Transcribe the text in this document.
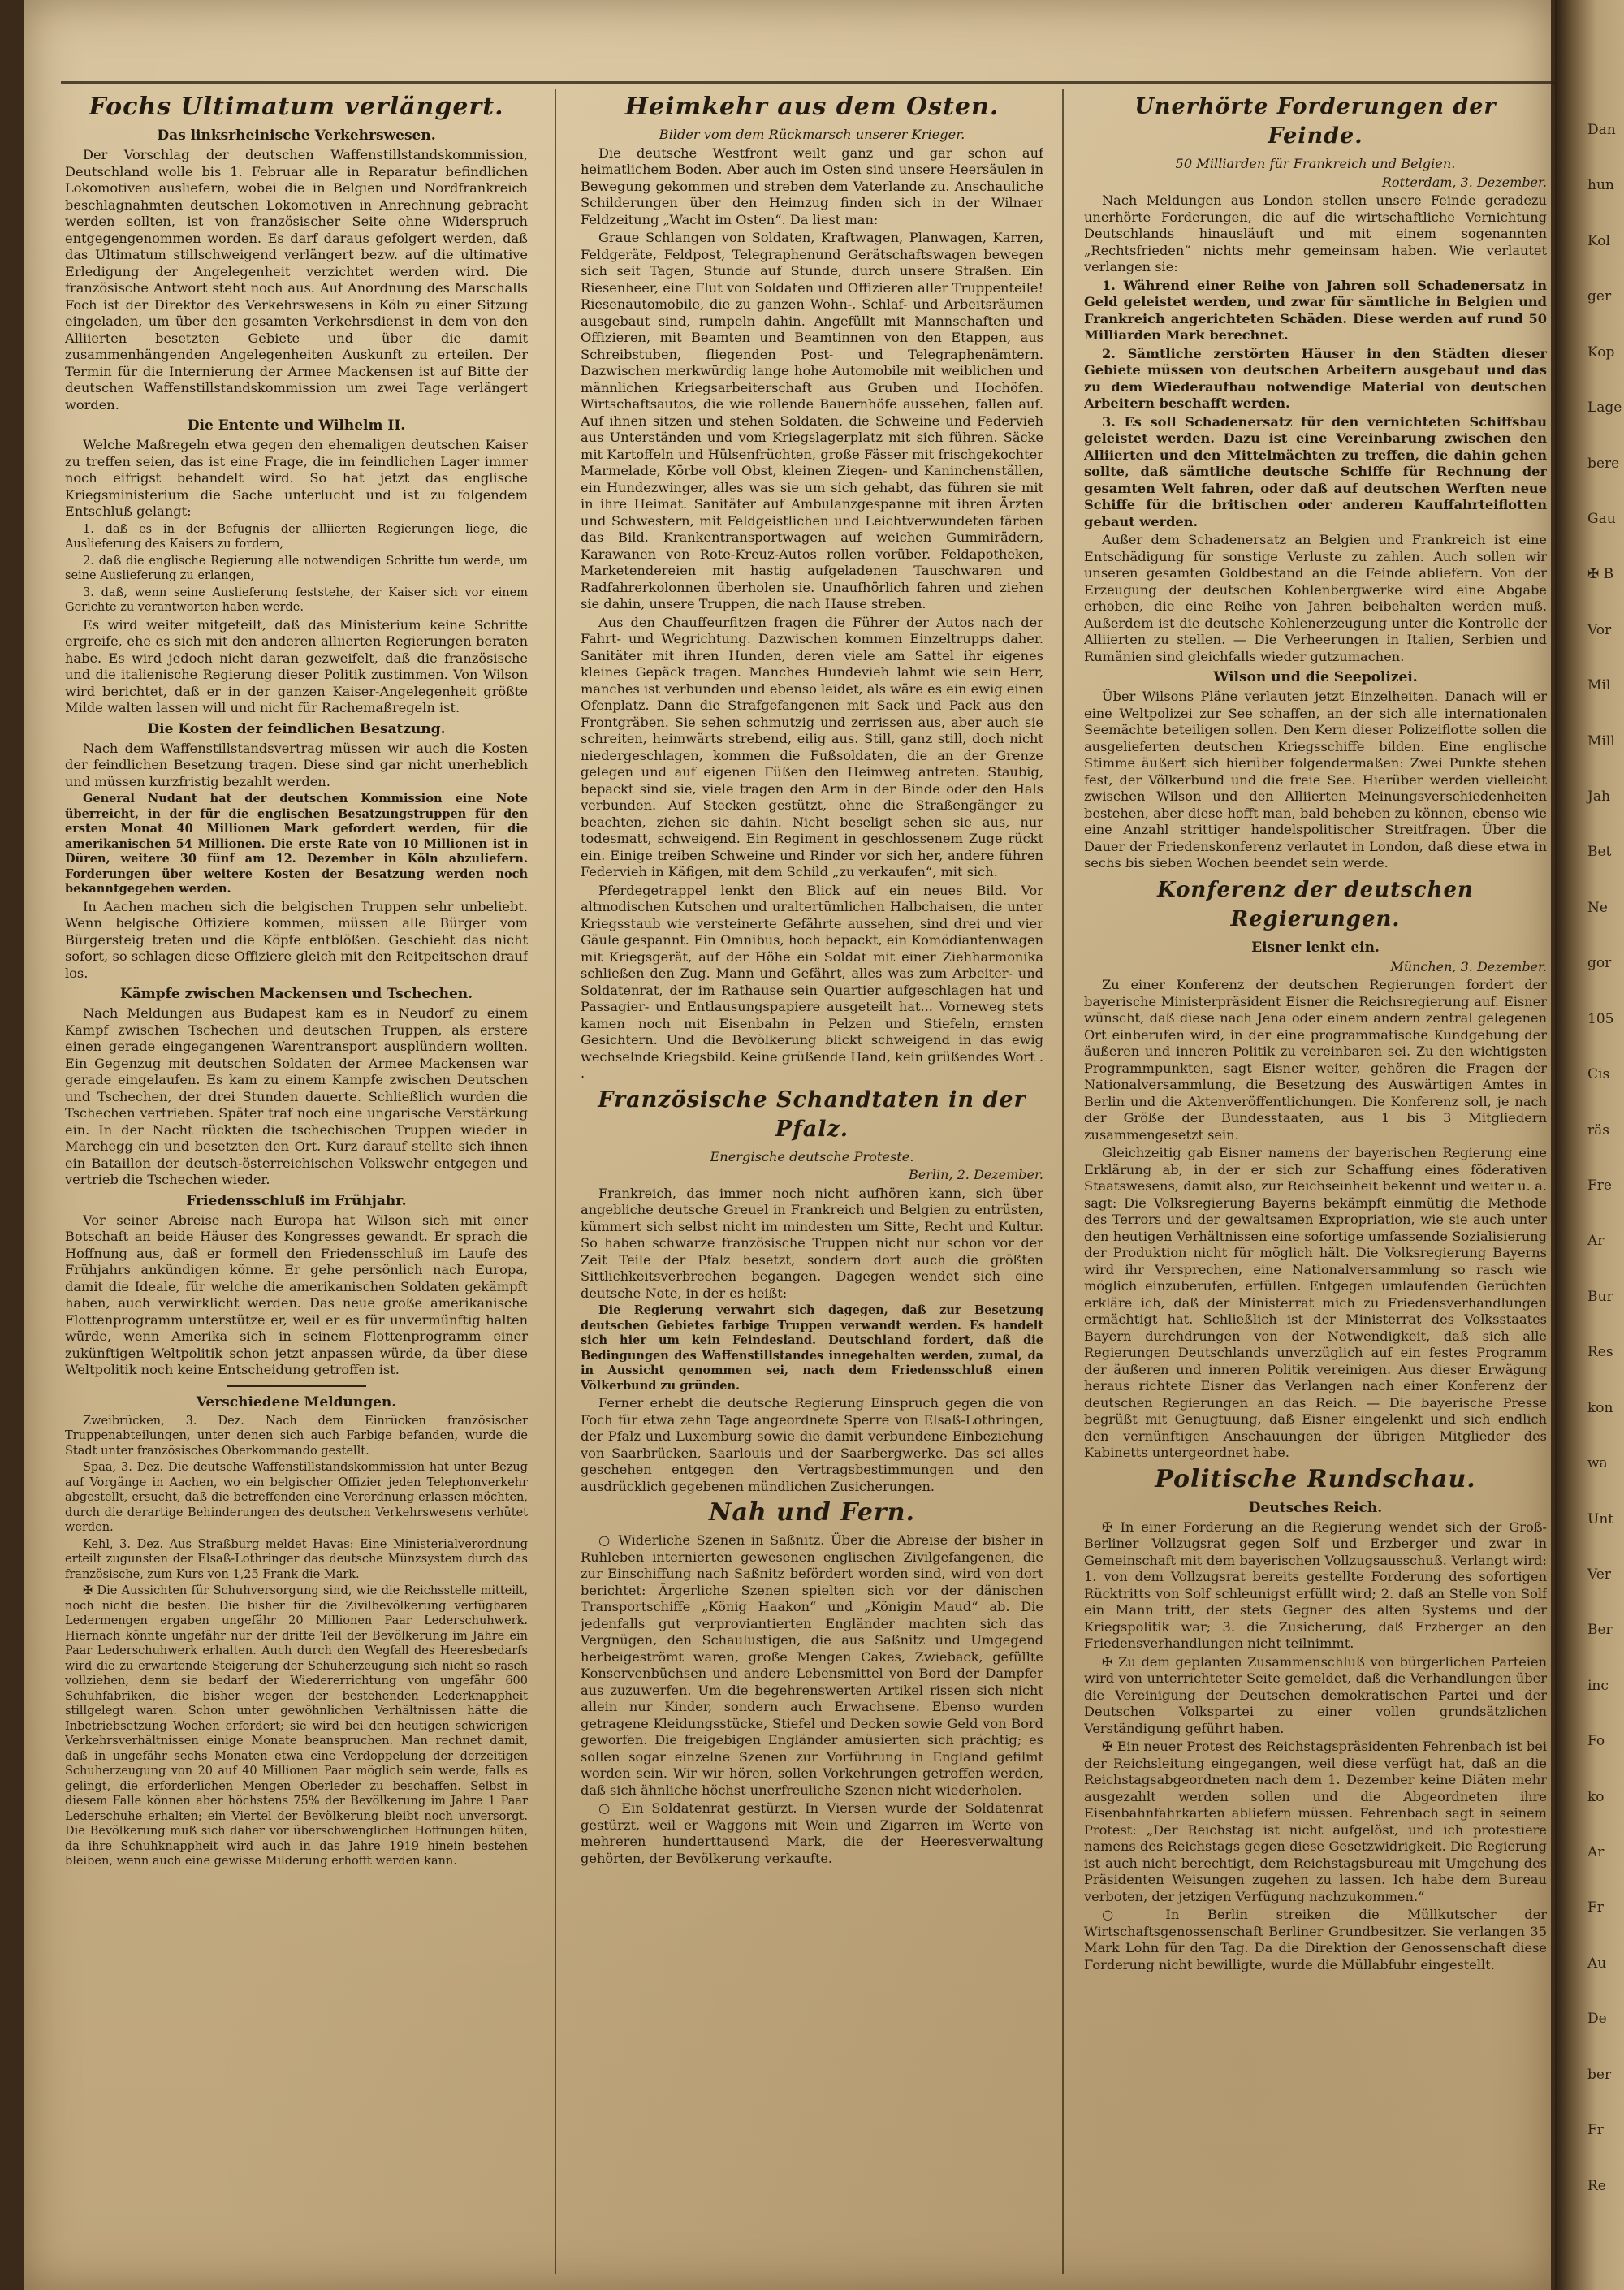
Fochs Ultimatum verlängert.
Das linksrheinische Verkehrswesen.

Der Vorschlag der deutschen Waffenstillstandskommission, Deutschland wolle bis 1. Februar alle in Reparatur befindlichen Lokomotiven ausliefern, wobei die in Belgien und Nordfrankreich beschlagnahmten deutschen Lokomotiven in Anrechnung gebracht werden sollten, ist von französischer Seite ohne Widerspruch entgegengenommen worden. Es darf daraus gefolgert werden, daß das Ultimatum stillschweigend verlängert bezw. auf die ultimative Erledigung der Angelegenheit verzichtet werden wird. Die französische Antwort steht noch aus. Auf Anordnung des Marschalls Foch ist der Direktor des Verkehrswesens in Köln zu einer Sitzung eingeladen, um über den gesamten Verkehrsdienst in dem von den Alliierten besetzten Gebiete und über die damit zusammenhängenden Angelegenheiten Auskunft zu erteilen. Der Termin für die Internierung der Armee Mackensen ist auf Bitte der deutschen Waffenstillstandskommission um zwei Tage verlängert worden.

Die Entente und Wilhelm II.

Welche Maßregeln etwa gegen den ehemaligen deutschen Kaiser zu treffen seien, das ist eine Frage, die im feindlichen Lager immer noch eifrigst behandelt wird. So hat jetzt das englische Kriegsministerium die Sache unterlucht und ist zu folgendem Entschluß gelangt:

1. daß es in der Befugnis der alliierten Regierungen liege, die Auslieferung des Kaisers zu fordern,

2. daß die englische Regierung alle notwendigen Schritte tun werde, um seine Auslieferung zu erlangen,

3. daß, wenn seine Auslieferung feststehe, der Kaiser sich vor einem Gerichte zu verantworten haben werde.

Es wird weiter mitgeteilt, daß das Ministerium keine Schritte ergreife, ehe es sich mit den anderen alliierten Regierungen beraten habe. Es wird jedoch nicht daran gezweifelt, daß die französische und die italienische Regierung dieser Politik zustimmen. Von Wilson wird berichtet, daß er in der ganzen Kaiser-Angelegenheit größte Milde walten lassen will und nicht für Rachemaßregeln ist.

Die Kosten der feindlichen Besatzung.

Nach dem Waffenstillstandsvertrag müssen wir auch die Kosten der feindlichen Besetzung tragen. Diese sind gar nicht unerheblich und müssen kurzfristig bezahlt werden.

General Nudant hat der deutschen Kommission eine Note überreicht, in der für die englischen Besatzungstruppen für den ersten Monat 40 Millionen Mark gefordert werden, für die amerikanischen 54 Millionen. Die erste Rate von 10 Millionen ist in Düren, weitere 30 fünf am 12. Dezember in Köln abzuliefern. Forderungen über weitere Kosten der Besatzung werden noch bekanntgegeben werden.

In Aachen machen sich die belgischen Truppen sehr unbeliebt. Wenn belgische Offiziere kommen, müssen alle Bürger vom Bürgersteig treten und die Köpfe entblößen. Geschieht das nicht sofort, so schlagen diese Offiziere gleich mit den Reitpeitschen drauf los.

Kämpfe zwischen Mackensen und Tschechen.

Nach Meldungen aus Budapest kam es in Neudorf zu einem Kampf zwischen Tschechen und deutschen Truppen, als erstere einen gerade eingegangenen Warentransport ausplündern wollten. Ein Gegenzug mit deutschen Soldaten der Armee Mackensen war gerade eingelaufen. Es kam zu einem Kampfe zwischen Deutschen und Tschechen, der drei Stunden dauerte. Schließlich wurden die Tschechen vertrieben. Später traf noch eine ungarische Verstärkung ein. In der Nacht rückten die tschechischen Truppen wieder in Marchegg ein und besetzten den Ort. Kurz darauf stellte sich ihnen ein Bataillon der deutsch-österreichischen Volkswehr entgegen und vertrieb die Tschechen wieder.

Friedensschluß im Frühjahr.

Vor seiner Abreise nach Europa hat Wilson sich mit einer Botschaft an beide Häuser des Kongresses gewandt. Er sprach die Hoffnung aus, daß er formell den Friedensschluß im Laufe des Frühjahrs ankündigen könne. Er gehe persönlich nach Europa, damit die Ideale, für welche die amerikanischen Soldaten gekämpft haben, auch verwirklicht werden. Das neue große amerikanische Flottenprogramm unterstütze er, weil er es für unvermünftig halten würde, wenn Amerika sich in seinem Flottenprogramm einer zukünftigen Weltpolitik schon jetzt anpassen würde, da über diese Weltpolitik noch keine Entscheidung getroffen ist.

Verschiedene Meldungen.

Zweibrücken, 3. Dez. Nach dem Einrücken französischer Truppenabteilungen, unter denen sich auch Farbige befanden, wurde die Stadt unter französisches Oberkommando gestellt.

Spaa, 3. Dez. Die deutsche Waffenstillstandskommission hat unter Bezug auf Vorgänge in Aachen, wo ein belgischer Offizier jeden Telephonverkehr abgestellt, ersucht, daß die betreffenden eine Verordnung erlassen möchten, durch die derartige Behinderungen des deutschen Verkehrswesens verhütet werden.

Kehl, 3. Dez. Aus Straßburg meldet Havas: Eine Ministerialverordnung erteilt zugunsten der Elsaß-Lothringer das deutsche Münzsystem durch das französische, zum Kurs von 1,25 Frank die Mark.

✠ Die Aussichten für Schuhversorgung sind, wie die Reichsstelle mitteilt, noch nicht die besten. Die bisher für die Zivilbevölkerung verfügbaren Ledermengen ergaben ungefähr 20 Millionen Paar Lederschuhwerk. Hiernach könnte ungefähr nur der dritte Teil der Bevölkerung im Jahre ein Paar Lederschuhwerk erhalten. Auch durch den Wegfall des Heeresbedarfs wird die zu erwartende Steigerung der Schuherzeugung sich nicht so rasch vollziehen, denn sie bedarf der Wiedererrichtung von ungefähr 600 Schuhfabriken, die bisher wegen der bestehenden Lederknappheit stillgelegt waren. Schon unter gewöhnlichen Verhältnissen hätte die Inbetriebsetzung Wochen erfordert; sie wird bei den heutigen schwierigen Verkehrsverhältnissen einige Monate beanspruchen. Man rechnet damit, daß in ungefähr sechs Monaten etwa eine Verdoppelung der derzeitigen Schuherzeugung von 20 auf 40 Millionen Paar möglich sein werde, falls es gelingt, die erforderlichen Mengen Oberleder zu beschaffen. Selbst in diesem Falle können aber höchstens 75% der Bevölkerung im Jahre 1 Paar Lederschuhe erhalten; ein Viertel der Bevölkerung bleibt noch unversorgt. Die Bevölkerung muß sich daher vor überschwenglichen Hoffnungen hüten, da ihre Schuhknappheit wird auch in das Jahre 1919 hinein bestehen bleiben, wenn auch eine gewisse Milderung erhofft werden kann.

Heimkehr aus dem Osten.
Bilder vom dem Rückmarsch unserer Krieger.

Die deutsche Westfront weilt ganz und gar schon auf heimatlichem Boden. Aber auch im Osten sind unsere Heersäulen in Bewegung gekommen und streben dem Vaterlande zu. Anschauliche Schilderungen über den Heimzug finden sich in der Wilnaer Feldzeitung „Wacht im Osten“. Da liest man:

Graue Schlangen von Soldaten, Kraftwagen, Planwagen, Karren, Feldgeräte, Feldpost, Telegraphenund Gerätschaftswagen bewegen sich seit Tagen, Stunde auf Stunde, durch unsere Straßen. Ein Riesenheer, eine Flut von Soldaten und Offizieren aller Truppenteile! Riesenautomobile, die zu ganzen Wohn-, Schlaf- und Arbeitsräumen ausgebaut sind, rumpeln dahin. Angefüllt mit Mannschaften und Offizieren, mit Beamten und Beamtinnen von den Etappen, aus Schreibstuben, fliegenden Post- und Telegraphenämtern. Dazwischen merkwürdig lange hohe Automobile mit weiblichen und männlichen Kriegsarbeiterschaft aus Gruben und Hochöfen. Wirtschaftsautos, die wie rollende Bauernhöfe aussehen, fallen auf. Auf ihnen sitzen und stehen Soldaten, die Schweine und Federvieh aus Unterständen und vom Kriegslagerplatz mit sich führen. Säcke mit Kartoffeln und Hülsenfrüchten, große Fässer mit frischgekochter Marmelade, Körbe voll Obst, kleinen Ziegen- und Kaninchenställen, ein Hundezwinger, alles was sie um sich gehabt, das führen sie mit in ihre Heimat. Sanitäter auf Ambulanzgespanne mit ihren Ärzten und Schwestern, mit Feldgeistlichen und Leichtverwundeten färben das Bild. Krankentransportwagen auf weichen Gummirädern, Karawanen von Rote-Kreuz-Autos rollen vorüber. Feldapotheken, Marketendereien mit hastig aufgeladenen Tauschwaren und Radfahrerkolonnen überholen sie. Unaufhörlich fahren und ziehen sie dahin, unsere Truppen, die nach Hause streben.

Aus den Chauffeurfitzen fragen die Führer der Autos nach der Fahrt- und Wegrichtung. Dazwischen kommen Einzeltrupps daher. Sanitäter mit ihren Hunden, deren viele am Sattel ihr eigenes kleines Gepäck tragen. Manches Hundevieh lahmt wie sein Herr, manches ist verbunden und ebenso leidet, als wäre es ein ewig einen Ofenplatz. Dann die Strafgefangenen mit Sack und Pack aus den Frontgräben. Sie sehen schmutzig und zerrissen aus, aber auch sie schreiten, heimwärts strebend, eilig aus. Still, ganz still, doch nicht niedergeschlagen, kommen die Fußsoldaten, die an der Grenze gelegen und auf eigenen Füßen den Heimweg antreten. Staubig, bepackt sind sie, viele tragen den Arm in der Binde oder den Hals verbunden. Auf Stecken gestützt, ohne die Straßengänger zu beachten, ziehen sie dahin. Nicht beseligt sehen sie aus, nur todesmatt, schweigend. Ein Regiment in geschlossenem Zuge rückt ein. Einige treiben Schweine und Rinder vor sich her, andere führen Federvieh in Käfigen, mit dem Schild „zu verkaufen“, mit sich.

Pferdegetrappel lenkt den Blick auf ein neues Bild. Vor altmodischen Kutschen und uraltertümlichen Halbchaisen, die unter Kriegsstaub wie versteinerte Gefährte aussehen, sind drei und vier Gäule gespannt. Ein Omnibus, hoch bepackt, ein Komödiantenwagen mit Kriegsgerät, auf der Höhe ein Soldat mit einer Ziehharmonika schließen den Zug. Mann und Gefährt, alles was zum Arbeiter- und Soldatenrat, der im Rathause sein Quartier aufgeschlagen hat und Passagier- und Entlausungspapiere ausgeteilt hat... Vorneweg stets kamen noch mit Eisenbahn in Pelzen und Stiefeln, ernsten Gesichtern. Und die Bevölkerung blickt schweigend in das ewig wechselnde Kriegsbild. Keine grüßende Hand, kein grüßendes Wort . .

Französische Schandtaten in der Pfalz.
Energische deutsche Proteste.
Berlin, 2. Dezember.

Frankreich, das immer noch nicht aufhören kann, sich über angebliche deutsche Greuel in Frankreich und Belgien zu entrüsten, kümmert sich selbst nicht im mindesten um Sitte, Recht und Kultur. So haben schwarze französische Truppen nicht nur schon vor der Zeit Teile der Pfalz besetzt, sondern dort auch die größten Sittlichkeitsverbrechen begangen. Dagegen wendet sich eine deutsche Note, in der es heißt:

Die Regierung verwahrt sich dagegen, daß zur Besetzung deutschen Gebietes farbige Truppen verwandt werden. Es handelt sich hier um kein Feindesland. Deutschland fordert, daß die Bedingungen des Waffenstillstandes innegehalten werden, zumal, da in Aussicht genommen sei, nach dem Friedensschluß einen Völkerbund zu gründen.

Ferner erhebt die deutsche Regierung Einspruch gegen die von Foch für etwa zehn Tage angeordnete Sperre von Elsaß-Lothringen, der Pfalz und Luxemburg sowie die damit verbundene Einbeziehung von Saarbrücken, Saarlouis und der Saarbergwerke. Das sei alles geschehen entgegen den Vertragsbestimmungen und den ausdrücklich gegebenen mündlichen Zusicherungen.

Nah und Fern.

○ Widerliche Szenen in Saßnitz. Über die Abreise der bisher in Ruhleben internierten gewesenen englischen Zivilgefangenen, die zur Einschiffung nach Saßnitz befördert worden sind, wird von dort berichtet: Ärgerliche Szenen spielten sich vor der dänischen Transportschiffe „König Haakon“ und „Königin Maud“ ab. Die jedenfalls gut verproviantierten Engländer machten sich das Vergnügen, den Schaulustigen, die aus Saßnitz und Umgegend herbeigeströmt waren, große Mengen Cakes, Zwieback, gefüllte Konservenbüchsen und andere Lebensmittel von Bord der Dampfer aus zuzuwerfen. Um die begehrenswerten Artikel rissen sich nicht allein nur Kinder, sondern auch Erwachsene. Ebenso wurden getragene Kleidungsstücke, Stiefel und Decken sowie Geld von Bord geworfen. Die freigebigen Engländer amüsierten sich prächtig; es sollen sogar einzelne Szenen zur Vorführung in England gefilmt worden sein. Wir wir hören, sollen Vorkehrungen getroffen werden, daß sich ähnliche höchst unerfreuliche Szenen nicht wiederholen.

○ Ein Soldatenrat gestürzt. In Viersen wurde der Soldatenrat gestürzt, weil er Waggons mit Wein und Zigarren im Werte von mehreren hunderttausend Mark, die der Heeresverwaltung gehörten, der Bevölkerung verkaufte.

Unerhörte Forderungen der Feinde.
50 Milliarden für Frankreich und Belgien.
Rotterdam, 3. Dezember.

Nach Meldungen aus London stellen unsere Feinde geradezu unerhörte Forderungen, die auf die wirtschaftliche Vernichtung Deutschlands hinausläuft und mit einem sogenannten „Rechtsfrieden“ nichts mehr gemeinsam haben. Wie verlautet verlangen sie:

1. Während einer Reihe von Jahren soll Schadenersatz in Geld geleistet werden, und zwar für sämtliche in Belgien und Frankreich angerichteten Schäden. Diese werden auf rund 50 Milliarden Mark berechnet.

2. Sämtliche zerstörten Häuser in den Städten dieser Gebiete müssen von deutschen Arbeitern ausgebaut und das zu dem Wiederaufbau notwendige Material von deutschen Arbeitern beschafft werden.

3. Es soll Schadenersatz für den vernichteten Schiffsbau geleistet werden. Dazu ist eine Vereinbarung zwischen den Alliierten und den Mittelmächten zu treffen, die dahin gehen sollte, daß sämtliche deutsche Schiffe für Rechnung der gesamten Welt fahren, oder daß auf deutschen Werften neue Schiffe für die britischen oder anderen Kauffahrteiflotten gebaut werden.

Außer dem Schadenersatz an Belgien und Frankreich ist eine Entschädigung für sonstige Verluste zu zahlen. Auch sollen wir unseren gesamten Goldbestand an die Feinde abliefern. Von der Erzeugung der deutschen Kohlenbergwerke wird eine Abgabe erhoben, die eine Reihe von Jahren beibehalten werden muß. Außerdem ist die deutsche Kohlenerzeugung unter die Kontrolle der Alliierten zu stellen. — Die Verheerungen in Italien, Serbien und Rumänien sind gleichfalls wieder gutzumachen.

Wilson und die Seepolizei.

Über Wilsons Pläne verlauten jetzt Einzelheiten. Danach will er eine Weltpolizei zur See schaffen, an der sich alle internationalen Seemächte beteiligen sollen. Den Kern dieser Polizeiflotte sollen die ausgelieferten deutschen Kriegsschiffe bilden. Eine englische Stimme äußert sich hierüber folgendermaßen: Zwei Punkte stehen fest, der Völkerbund und die freie See. Hierüber werden vielleicht zwischen Wilson und den Alliierten Meinungsverschiedenheiten bestehen, aber diese hofft man, bald beheben zu können, ebenso wie eine Anzahl strittiger handelspolitischer Streitfragen. Über die Dauer der Friedenskonferenz verlautet in London, daß diese etwa in sechs bis sieben Wochen beendet sein werde.

Konferenz der deutschen Regierungen.
Eisner lenkt ein.
München, 3. Dezember.

Zu einer Konferenz der deutschen Regierungen fordert der bayerische Ministerpräsident Eisner die Reichsregierung auf. Eisner wünscht, daß diese nach Jena oder einem andern zentral gelegenen Ort einberufen wird, in der eine programmatische Kundgebung der äußeren und inneren Politik zu vereinbaren sei. Zu den wichtigsten Programmpunkten, sagt Eisner weiter, gehören die Fragen der Nationalversammlung, die Besetzung des Auswärtigen Amtes in Berlin und die Aktenveröffentlichungen. Die Konferenz soll, je nach der Größe der Bundesstaaten, aus 1 bis 3 Mitgliedern zusammengesetzt sein.

Gleichzeitig gab Eisner namens der bayerischen Regierung eine Erklärung ab, in der er sich zur Schaffung eines föderativen Staatswesens, damit also, zur Reichseinheit bekennt und weiter u. a. sagt: Die Volksregierung Bayerns bekämpft einmütig die Methode des Terrors und der gewaltsamen Expropriation, wie sie auch unter den heutigen Verhältnissen eine sofortige umfassende Sozialisierung der Produktion nicht für möglich hält. Die Volksregierung Bayerns wird ihr Versprechen, eine Nationalversammlung so rasch wie möglich einzuberufen, erfüllen. Entgegen umlaufenden Gerüchten erkläre ich, daß der Ministerrat mich zu Friedensverhandlungen ermächtigt hat. Schließlich ist der Ministerrat des Volksstaates Bayern durchdrungen von der Notwendigkeit, daß sich alle Regierungen Deutschlands unverzüglich auf ein festes Programm der äußeren und inneren Politik vereinigen. Aus dieser Erwägung heraus richtete Eisner das Verlangen nach einer Konferenz der deutschen Regierungen an das Reich. — Die bayerische Presse begrüßt mit Genugtuung, daß Eisner eingelenkt und sich endlich den vernünftigen Anschauungen der übrigen Mitglieder des Kabinetts untergeordnet habe.

Politische Rundschau.
Deutsches Reich.

✠ In einer Forderung an die Regierung wendet sich der Groß-Berliner Vollzugsrat gegen Solf und Erzberger und zwar in Gemeinschaft mit dem bayerischen Vollzugsausschuß. Verlangt wird: 1. von dem Vollzugsrat bereits gestellte Forderung des sofortigen Rücktritts von Solf schleunigst erfüllt wird; 2. daß an Stelle von Solf ein Mann tritt, der stets Gegner des alten Systems und der Kriegspolitik war; 3. die Zusicherung, daß Erzberger an den Friedensverhandlungen nicht teilnimmt.

✠ Zu dem geplanten Zusammenschluß von bürgerlichen Parteien wird von unterrichteter Seite gemeldet, daß die Verhandlungen über die Vereinigung der Deutschen demokratischen Partei und der Deutschen Volkspartei zu einer vollen grundsätzlichen Verständigung geführt haben.

✠ Ein neuer Protest des Reichstagspräsidenten Fehrenbach ist bei der Reichsleitung eingegangen, weil diese verfügt hat, daß an die Reichstagsabgeordneten nach dem 1. Dezember keine Diäten mehr ausgezahlt werden sollen und die Abgeordneten ihre Eisenbahnfahrkarten abliefern müssen. Fehrenbach sagt in seinem Protest: „Der Reichstag ist nicht aufgelöst, und ich protestiere namens des Reichstags gegen diese Gesetzwidrigkeit. Die Regierung ist auch nicht berechtigt, dem Reichstagsbureau mit Umgehung des Präsidenten Weisungen zugehen zu lassen. Ich habe dem Bureau verboten, der jetzigen Verfügung nachzukommen.“

○ In Berlin streiken die Müllkutscher der Wirtschaftsgenossenschaft Berliner Grundbesitzer. Sie verlangen 35 Mark Lohn für den Tag. Da die Direktion der Genossenschaft diese Forderung nicht bewilligte, wurde die Müllabfuhr eingestellt.

Dan
hun
Kol
ger
Kop
Lage
bere
Gau
✠ B
Vor
Mil
Mill
Jah
Bet
Ne
gor
105
Cis
räs
Fre
Ar
Bur
Res
kon
wa
Unt
Ver
Ber
inc
Fo
ko
Ar
Fr
Au
De
ber
Fr
Re
